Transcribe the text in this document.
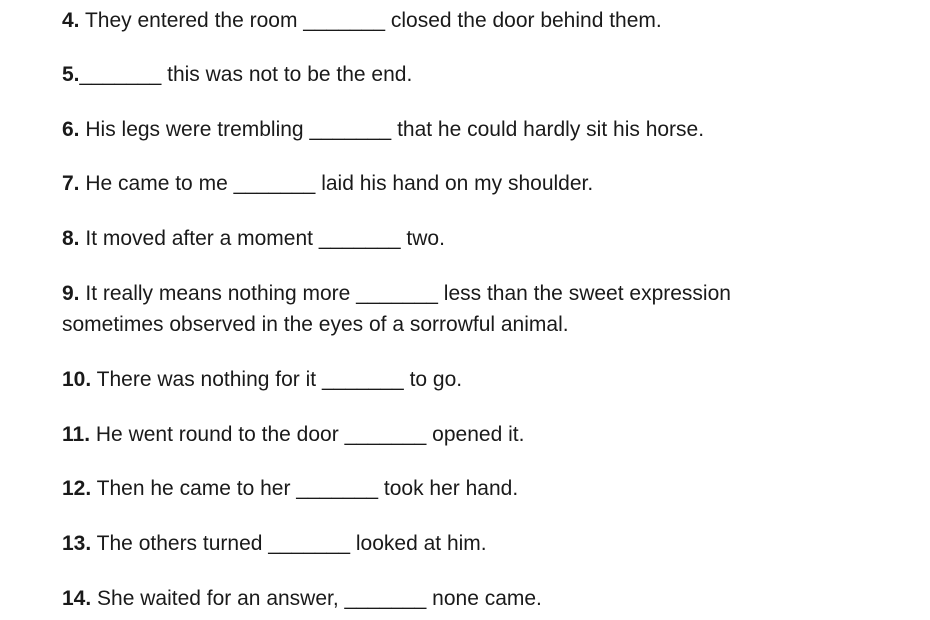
4. They entered the room _______ closed the door behind them.
5._______ this was not to be the end.
6. His legs were trembling _______ that he could hardly sit his horse.
7. He came to me _______ laid his hand on my shoulder.
8. It moved after a moment _______ two.
9. It really means nothing more _______ less than the sweet expression
sometimes observed in the eyes of a sorrowful animal.
10. There was nothing for it _______ to go.
11. He went round to the door _______ opened it.
12. Then he came to her _______ took her hand.
13. The others turned _______ looked at him.
14. She waited for an answer, _______ none came.
